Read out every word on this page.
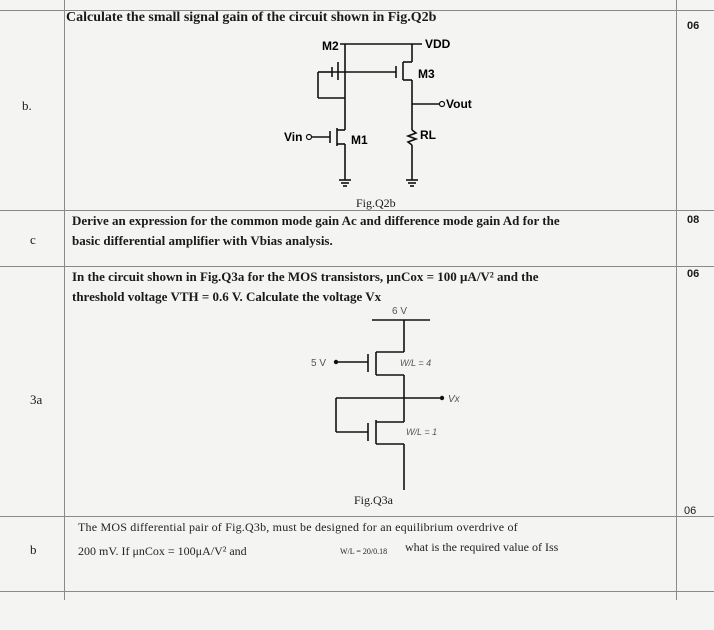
b.
Calculate the small signal gain of the circuit shown in Fig.Q2b
06
M2	VDD
M3
Vout
Vin	M1	RL
Fig.Q2b
c
Derive an expression for the common mode gain Ac and difference mode gain Ad for the
basic differential amplifier with Vbias analysis.
08
3a
In the circuit shown in Fig.Q3a for the MOS transistors, μnCox = 100 μA/V² and the
threshold voltage VTH = 0.6 V. Calculate the voltage Vx
06
6 V
5 V	W/L = 4
Vx
W/L = 1
Fig.Q3a
b
The MOS differential pair of Fig.Q3b, must be designed for an equilibrium overdrive of
200 mV. If μnCox = 100μA/V² and	W/L = 20/0.18 what is the required value of Iss
06
